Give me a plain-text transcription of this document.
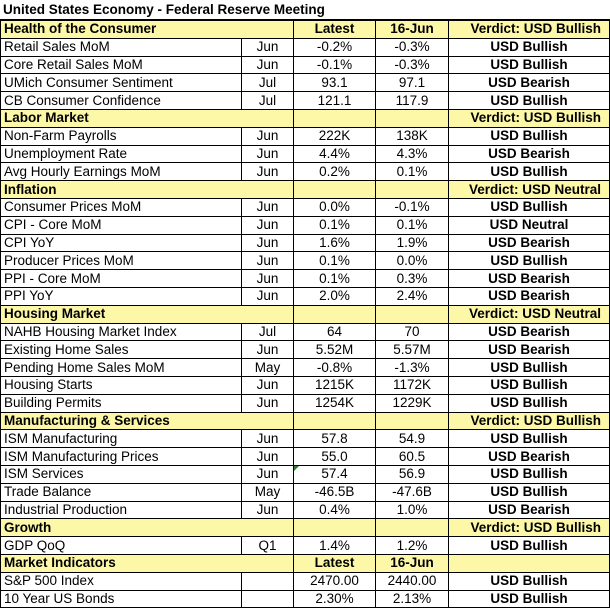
United States Economy - Federal Reserve Meeting
Health of the Consumer		Latest	16-Jun	Verdict: USD Bullish
Retail Sales MoM	Jun	-0.2%	-0.3%	USD Bullish
Core Retail Sales MoM	Jun	-0.1%	-0.3%	USD Bullish
UMich Consumer Sentiment	Jul	93.1	97.1	USD Bearish
CB Consumer Confidence	Jul	121.1	117.9	USD Bullish
Labor Market				Verdict: USD Bullish
Non-Farm Payrolls	Jun	222K	138K	USD Bullish
Unemployment Rate	Jun	4.4%	4.3%	USD Bearish
Avg Hourly Earnings MoM	Jun	0.2%	0.1%	USD Bullish
Inflation				Verdict: USD Neutral
Consumer Prices MoM	Jun	0.0%	-0.1%	USD Bullish
CPI - Core MoM	Jun	0.1%	0.1%	USD Neutral
CPI YoY	Jun	1.6%	1.9%	USD Bearish
Producer Prices MoM	Jun	0.1%	0.0%	USD Bullish
PPI - Core MoM	Jun	0.1%	0.3%	USD Bearish
PPI YoY	Jun	2.0%	2.4%	USD Bearish
Housing Market				Verdict: USD Neutral
NAHB Housing Market Index	Jul	64	70	USD Bearish
Existing Home Sales	Jun	5.52M	5.57M	USD Bearish
Pending Home Sales MoM	May	-0.8%	-1.3%	USD Bullish
Housing Starts	Jun	1215K	1172K	USD Bullish
Building Permits	Jun	1254K	1229K	USD Bullish
Manufacturing & Services				Verdict: USD Bullish
ISM Manufacturing	Jun	57.8	54.9	USD Bullish
ISM Manufacturing Prices	Jun	55.0	60.5	USD Bearish
ISM Services	Jun	57.4	56.9	USD Bullish
Trade Balance	May	-46.5B	-47.6B	USD Bullish
Industrial Production	Jun	0.4%	1.0%	USD Bearish
Growth				Verdict: USD Bullish
GDP QoQ	Q1	1.4%	1.2%	USD Bullish
Market Indicators		Latest	16-Jun	
S&P 500 Index		2470.00	2440.00	USD Bullish
10 Year US Bonds		2.30%	2.13%	USD Bullish
